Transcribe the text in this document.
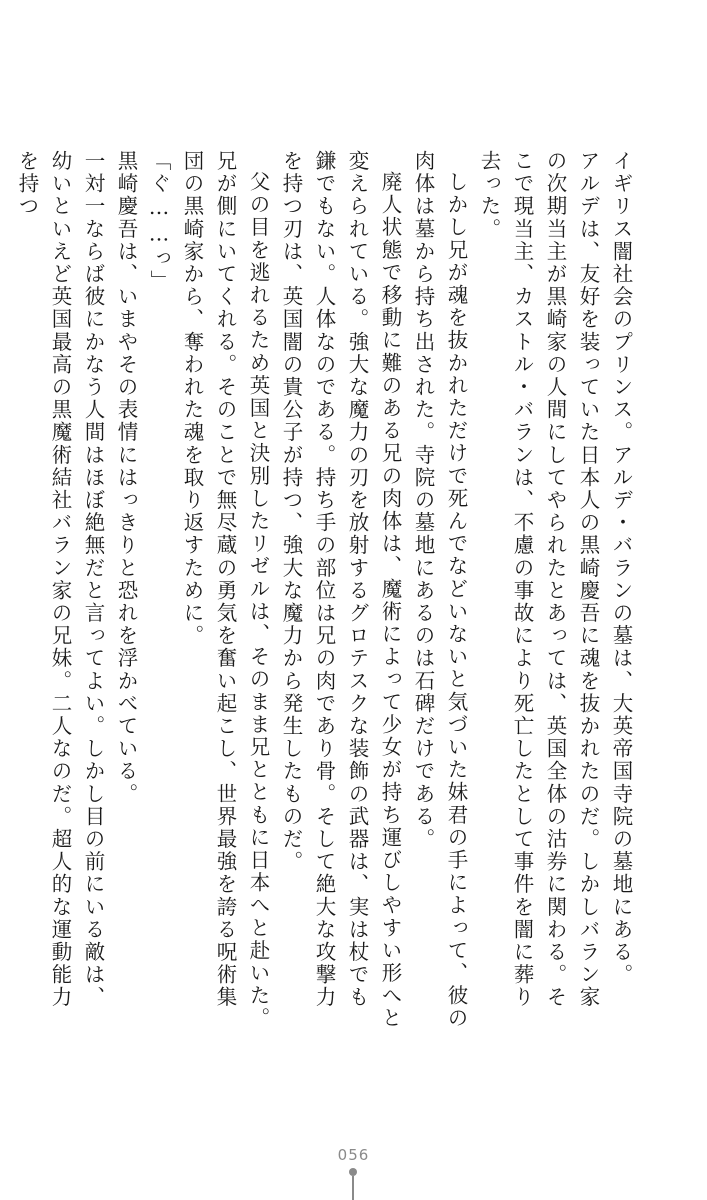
イギリス闇社会のプリンス。アルデ・バランの墓は、大英帝国寺院の墓地にある。

アルデは、友好を装っていた日本人の黒崎慶吾に魂を抜かれたのだ。しかしバラン家の次期当主が黒崎家の人間にしてやられたとあっては、英国全体の沽券に関わる。そこで現当主、カストル・バランは、不慮の事故により死亡したとして事件を闇に葬り去った。

しかし兄が魂を抜かれただけで死んでなどいないと気づいた妹君の手によって、彼の肉体は墓から持ち出された。寺院の墓地にあるのは石碑だけである。

廃人状態で移動に難のある兄の肉体は、魔術によって少女が持ち運びしやすい形へと変えられている。強大な魔力の刃を放射するグロテスクな装飾の武器は、実は杖でも鎌でもない。人体なのである。持ち手の部位は兄の肉であり骨。そして絶大な攻撃力を持つ刃は、英国闇の貴公子が持つ、強大な魔力から発生したものだ。

父の目を逃れるため英国と決別したリゼルは、そのまま兄とともに日本へと赴いた。兄が側にいてくれる。そのことで無尽蔵の勇気を奮い起こし、世界最強を誇る呪術集団の黒崎家から、奪われた魂を取り返すために。

「ぐ……っ」

黒崎慶吾は、いまやその表情にはっきりと恐れを浮かべている。

一対一ならば彼にかなう人間はほぼ絶無だと言ってよい。しかし目の前にいる敵は、幼いといえど英国最高の黒魔術結社バラン家の兄妹。二人なのだ。超人的な運動能力を持つ

056
